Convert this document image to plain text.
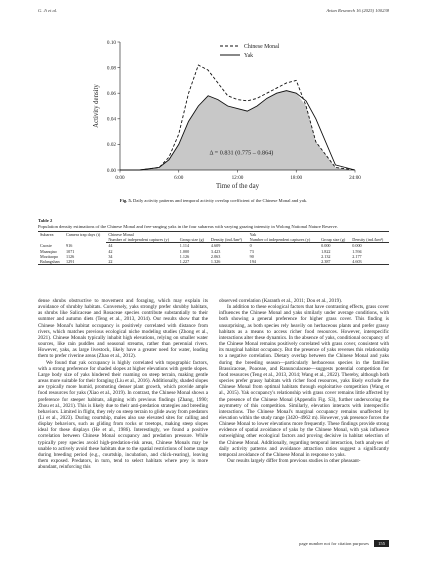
G. Ji et al.	Avian Research 16 (2025) 100238
0.00
0.02
0.04
0.06
0.08
0.10
0:00	6:00	12:00	18:00	24:00
Time of the day
Activity density
Chinese Monal
Yak
Δ = 0.831 (0.775 – 0.864)
Fig. 5. Daily activity patterns and temporal activity overlap coefficient of the Chinese Monal and yak.
Table 2
Population density estimations of the Chinese Monal and free-ranging yaks in the four subareas with varying grazing intensity in Wolong National Nature Reserve.
Subarea	Camera trap days (t)	Chinese Monal			Yak		
		Number of independent captures (y)	Group size (g)	Density (ind./km²)	Number of independent captures (y)	Group size (g)	Density (ind./km²)
Caoxie	916	44	1.114	4.609	0	0.000	0.000
Maanqiao	1071	42	1.000	3.423	73	1.822	1.594
Mozitaopo	1126	34	1.126	2.063	90	2.132	2.177
Balangshan	1291	22	1.227	1.326	194	2.387	4.603

dense shrubs obstructive to movement and foraging, which may explain its avoidance of shrubby habitats. Conversely, yaks strongly prefer shrubby habitats, as shrubs like Salicaceae and Rosaceae species contribute substantially to their summer and autumn diets (Teng et al., 2013, 2014). Our results show that the Chinese Monal's habitat occupancy is positively correlated with distance from rivers, which matches previous ecological niche modeling studies (Zhong et al., 2021). Chinese Monals typically inhabit high elevations, relying on smaller water sources, like rain puddles and seasonal streams, rather than perennial rivers. However, yaks, as large livestock, likely have a greater need for water, leading them to prefer riverine areas (Zhao et al., 2012).

We found that yak occupancy is highly correlated with topographic factors, with a strong preference for shaded slopes at higher elevations with gentle slopes. Large body size of yaks hindered their roaming on steep terrain, making gentle areas more suitable for their foraging (Liu et al., 2016). Additionally, shaded slopes are typically more humid, promoting denser plant growth, which provide ample food resources for yaks (Xiao et al., 2019). In contrast, the Chinese Monal shows a preference for steeper habitats, aligning with previous findings (Zhang, 1990; Zhou et al., 2021). This is likely due to their anti-predation strategies and breeding behaviors. Limited in flight, they rely on steep terrain to glide away from predators (Li et al., 2023). During courtship, males also use elevated sites for calling and display behaviors, such as gliding from rocks or treetops, making steep slopes ideal for these displays (He et al., 1986). Interestingly, we found a positive correlation between Chinese Monal occupancy and predation pressure. While typically prey species avoid high-predation-risk areas, Chinese Monals may be unable to actively avoid these habitats due to the spatial restrictions of home range during breeding period (e.g., courtship, incubation, and chick-rearing), leaving them exposed. Predators, in turn, tend to select habitats where prey is more abundant, reinforcing this

observed correlation (Karanth et al., 2011; Dou et al., 2019).

In addition to these ecological factors that have contrasting effects, grass cover influences the Chinese Monal and yaks similarly under average conditions, with both showing a general preference for higher grass cover. This finding is unsurprising, as both species rely heavily on herbaceous plants and prefer grassy habitats as a means to access richer food resources. However, interspecific interactions alter these dynamics. In the absence of yaks, conditional occupancy of the Chinese Monal remains positively correlated with grass cover, consistent with its marginal habitat occupancy. But the presence of yaks reverses this relationship to a negative correlation. Dietary overlap between the Chinese Monal and yaks during the breeding season—particularly herbaceous species in the families Brassicaceae, Poaceae, and Ranunculaceae—suggests potential competition for food resources (Teng et al., 2013, 2014; Wang et al., 2022). Thereby, although both species prefer grassy habitats with richer food resources, yaks likely exclude the Chinese Monal from optimal habitats through exploitative competition (Wang et al., 2015). Yak occupancy's relationship with grass cover remains little affected by the presence of the Chinese Monal (Appendix Fig. S3), further underscoring the asymmetry of this competition. Similarly, elevation interacts with interspecific interactions. The Chinese Monal's marginal occupancy remains unaffected by elevation within the study range (3420–4962 m). However, yak presence forces the Chinese Monal to lower elevations more frequently. These findings provide strong evidence of spatial avoidance of yaks by the Chinese Monal, with yak influence outweighing other ecological factors and proving decisive in habitat selection of the Chinese Monal. Additionally, regarding temporal interaction, both analyses of daily activity patterns and avoidance attraction ratios suggest a significantly temporal avoidance of the Chinese Monal in response to yaks.

Our results largely differ from previous studies in other pheasant-

page number not for citation purposes 155
